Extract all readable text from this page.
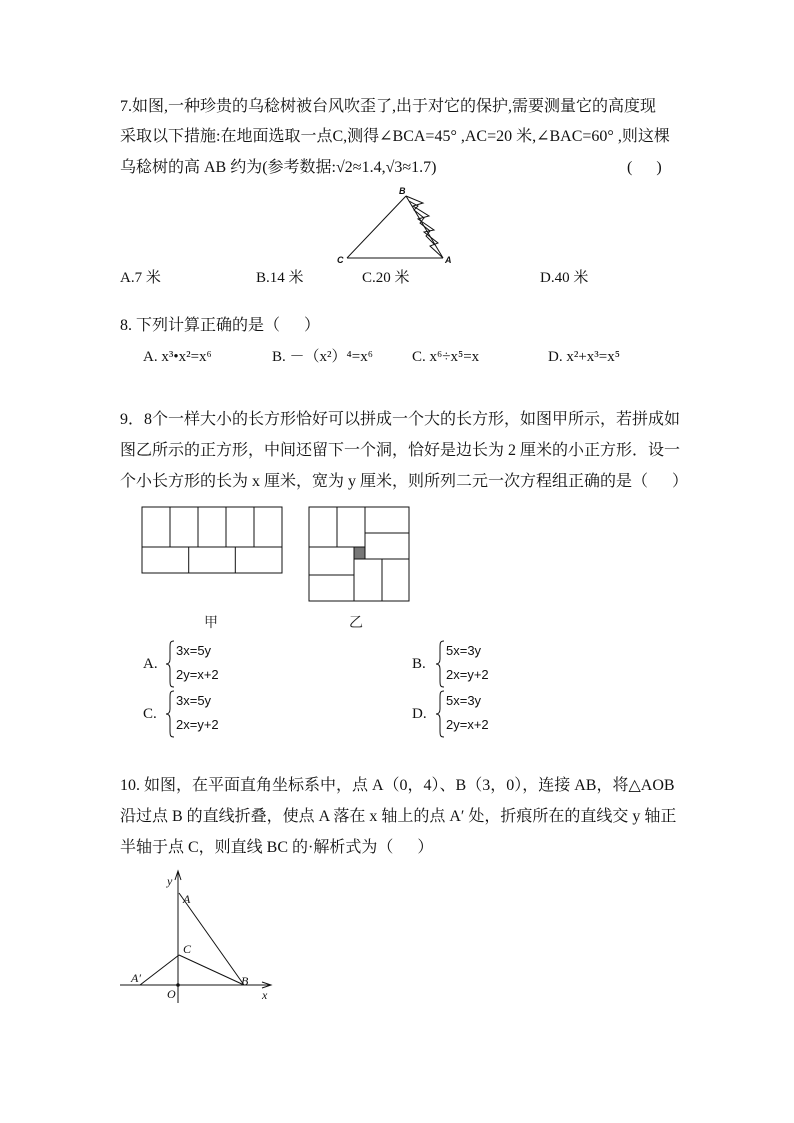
7.如图,一种珍贵的乌稔树被台风吹歪了,出于对它的保护,需要测量它的高度现
采取以下措施:在地面选取一点C,测得∠BCA=45° ,AC=20 米,∠BAC=60° ,则这棵
乌稔树的高 AB 约为(参考数据:√2≈1.4,√3≈1.7)	(      )
B
C	A
A.7 米	B.14 米	C.20 米	D.40 米
8. 下列计算正确的是（      ）
A. x³•x²=x⁶	B. －（x²）⁴=x⁶	C. x⁶÷x⁵=x	D. x²+x³=x⁵
9．8个一样大小的长方形恰好可以拼成一个大的长方形，如图甲所示，若拼成如
图乙所示的正方形，中间还留下一个洞，恰好是边长为 2 厘米的小正方形．设一
个小长方形的长为 x 厘米，宽为 y 厘米，则所列二元一次方程组正确的是（      ）
甲	乙
A.
3x=5y
2y=x+2
B.
5x=3y
2x=y+2
C.
3x=5y
2x=y+2
D.
5x=3y
2y=x+2
10. 如图，在平面直角坐标系中，点 A（0，4）、B（3，0），连接 AB，将△AOB
沿过点 B 的直线折叠，使点 A 落在 x 轴上的点 A′ 处，折痕所在的直线交 y 轴正
半轴于点 C，则直线 BC 的·解析式为（      ）
y
A
C
A′
O
B
x
